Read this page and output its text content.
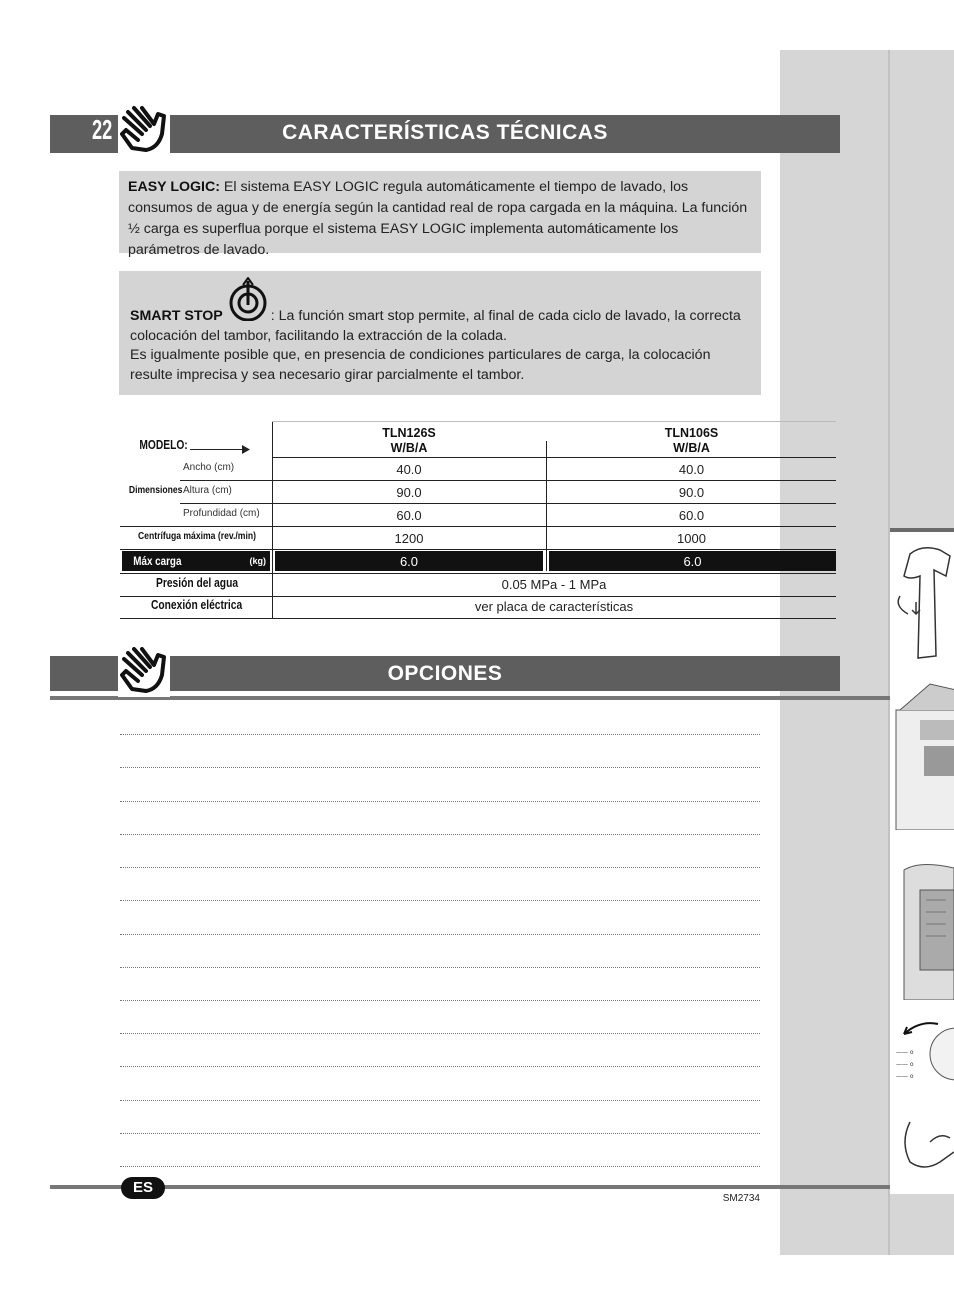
—— o
—— o
—— o
CARACTERÍSTICAS TÉCNICAS
22
EASY LOGIC: El sistema EASY LOGIC regula automáticamente el tiempo de lavado, los consumos de agua y de energía según la cantidad real de ropa cargada en la máquina. La función ½ carga es superflua porque el sistema EASY LOGIC implementa automáticamente los parámetros de lavado.
SMART STOP	: La función smart stop permite, al final de cada ciclo de lavado, la correcta colocación del tambor, facilitando la extracción de la colada.
Es igualmente posible que, en presencia de condiciones particulares de carga, la colocación resulte imprecisa y sea necesario girar parcialmente el tambor.
MODELO:
TLN126S
W/B/A
TLN106S
W/B/A
Dimensiones
Ancho (cm)	40.0	40.0
Altura (cm)	90.0	90.0
Profundidad (cm)	60.0	60.0
Centrífuga máxima (rev./min)	1200	1000
Máx carga	(kg)	6.0	6.0
Presión del agua	0.05 MPa - 1 MPa
Conexión eléctrica	ver placa de características
OPCIONES
ES
SM2734
